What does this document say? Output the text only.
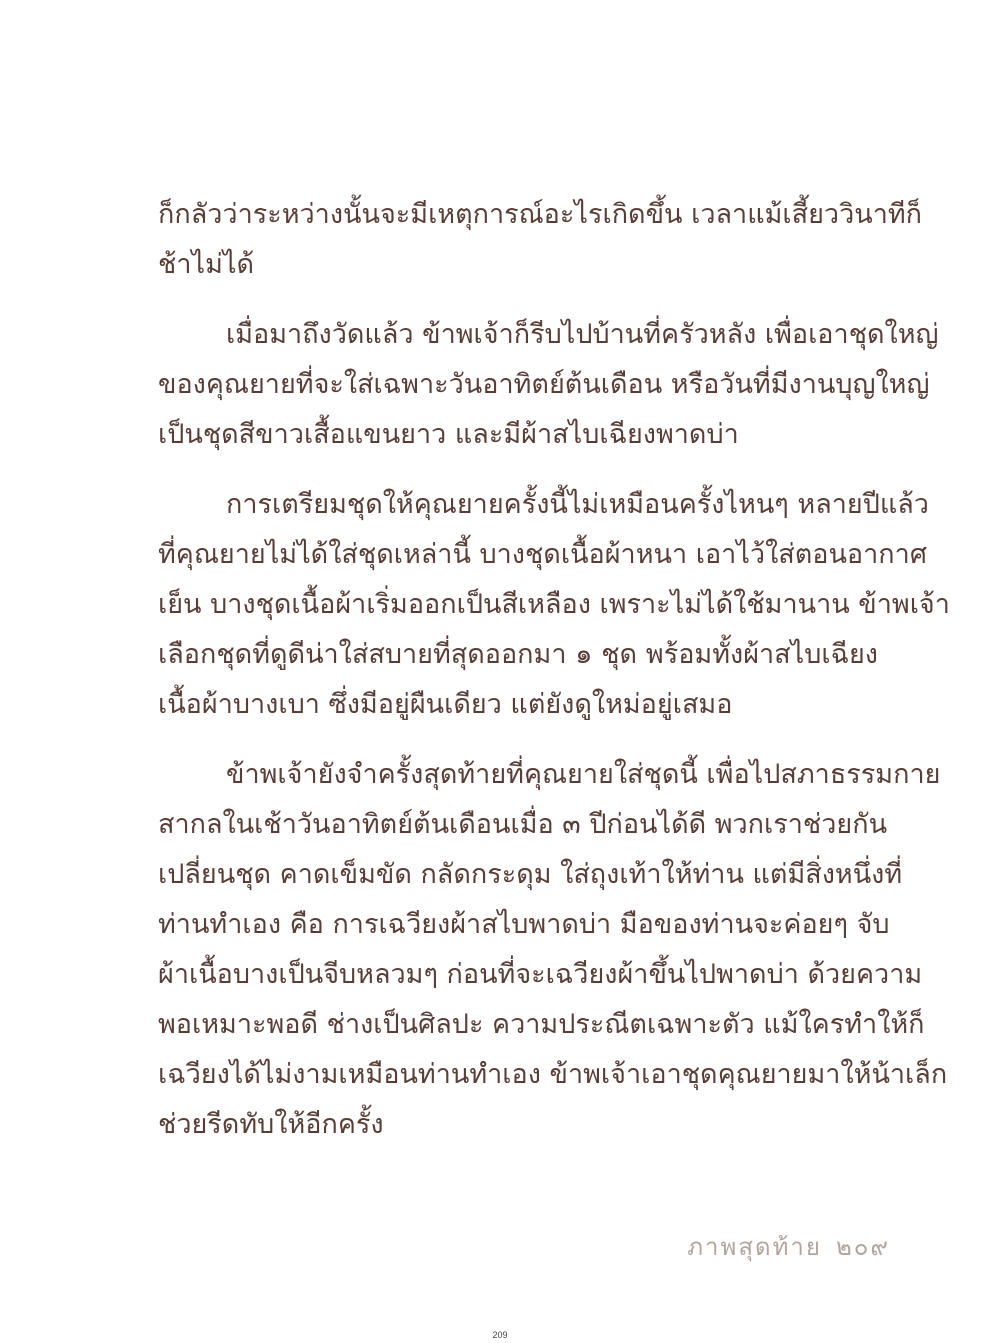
ก็กลัวว่าระหว่างนั้นจะมีเหตุการณ์อะไรเกิดขึ้น เวลาแม้เสี้ยววินาทีก็
ช้าไม่ได้
เมื่อมาถึงวัดแล้ว ข้าพเจ้าก็รีบไปบ้านที่ครัวหลัง เพื่อเอาชุดใหญ่
ของคุณยายที่จะใส่เฉพาะวันอาทิตย์ต้นเดือน หรือวันที่มีงานบุญใหญ่
เป็นชุดสีขาวเสื้อแขนยาว และมีผ้าสไบเฉียงพาดบ่า
การเตรียมชุดให้คุณยายครั้งนี้ไม่เหมือนครั้งไหนๆ หลายปีแล้ว
ที่คุณยายไม่ได้ใส่ชุดเหล่านี้ บางชุดเนื้อผ้าหนา เอาไว้ใส่ตอนอากาศ
เย็น บางชุดเนื้อผ้าเริ่มออกเป็นสีเหลือง เพราะไม่ได้ใช้มานาน ข้าพเจ้า
เลือกชุดที่ดูดีน่าใส่สบายที่สุดออกมา ๑ ชุด พร้อมทั้งผ้าสไบเฉียง
เนื้อผ้าบางเบา ซึ่งมีอยู่ผืนเดียว แต่ยังดูใหม่อยู่เสมอ
ข้าพเจ้ายังจำครั้งสุดท้ายที่คุณยายใส่ชุดนี้ เพื่อไปสภาธรรมกาย
สากลในเช้าวันอาทิตย์ต้นเดือนเมื่อ ๓ ปีก่อนได้ดี พวกเราช่วยกัน
เปลี่ยนชุด คาดเข็มขัด กลัดกระดุม ใส่ถุงเท้าให้ท่าน แต่มีสิ่งหนึ่งที่
ท่านทำเอง คือ การเฉวียงผ้าสไบพาดบ่า มือของท่านจะค่อยๆ จับ
ผ้าเนื้อบางเป็นจีบหลวมๆ ก่อนที่จะเฉวียงผ้าขึ้นไปพาดบ่า ด้วยความ
พอเหมาะพอดี ช่างเป็นศิลปะ ความประณีตเฉพาะตัว แม้ใครทำให้ก็
เฉวียงได้ไม่งามเหมือนท่านทำเอง ข้าพเจ้าเอาชุดคุณยายมาให้น้าเล็ก
ช่วยรีดทับให้อีกครั้ง
ภาพสุดท้าย ๒๐๙
209
